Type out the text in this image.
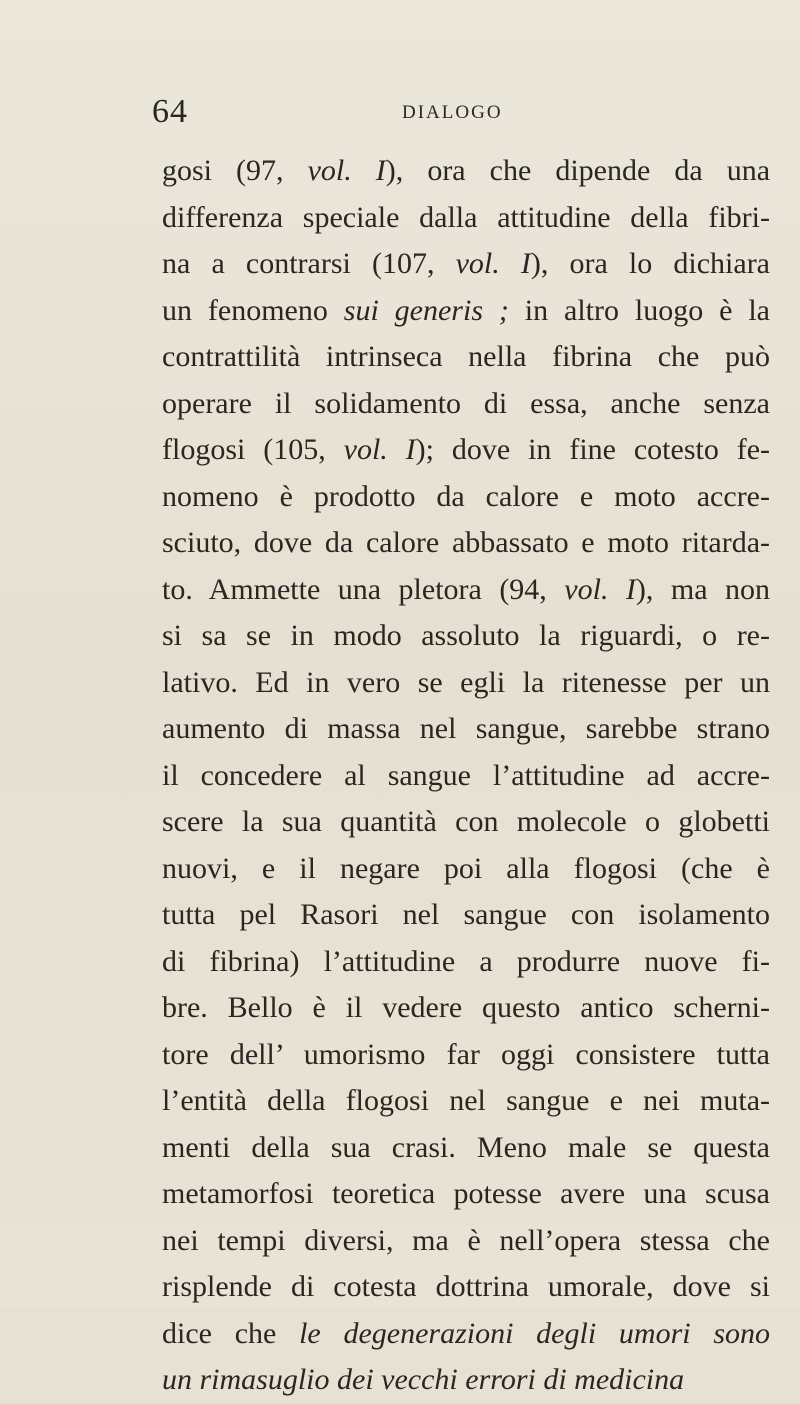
64	DIALOGO
gosi (97, vol. I), ora che dipende da una
differenza speciale dalla attitudine della fibri-
na a contrarsi (107, vol. I), ora lo dichiara
un fenomeno sui generis ; in altro luogo è la
contrattilità intrinseca nella fibrina che può
operare il solidamento di essa, anche senza
flogosi (105, vol. I); dove in fine cotesto fe-
nomeno è prodotto da calore e moto accre-
sciuto, dove da calore abbassato e moto ritarda-
to. Ammette una pletora (94, vol. I), ma non
si sa se in modo assoluto la riguardi, o re-
lativo. Ed in vero se egli la ritenesse per un
aumento di massa nel sangue, sarebbe strano
il concedere al sangue l’attitudine ad accre-
scere la sua quantità con molecole o globetti
nuovi, e il negare poi alla flogosi (che è
tutta pel Rasori nel sangue con isolamento
di fibrina) l’attitudine a produrre nuove fi-
bre. Bello è il vedere questo antico scherni-
tore dell’ umorismo far oggi consistere tutta
l’entità della flogosi nel sangue e nei muta-
menti della sua crasi. Meno male se questa
metamorfosi teoretica potesse avere una scusa
nei tempi diversi, ma è nell’opera stessa che
risplende di cotesta dottrina umorale, dove si
dice che le degenerazioni degli umori sono
un rimasuglio dei vecchi errori di medicina
